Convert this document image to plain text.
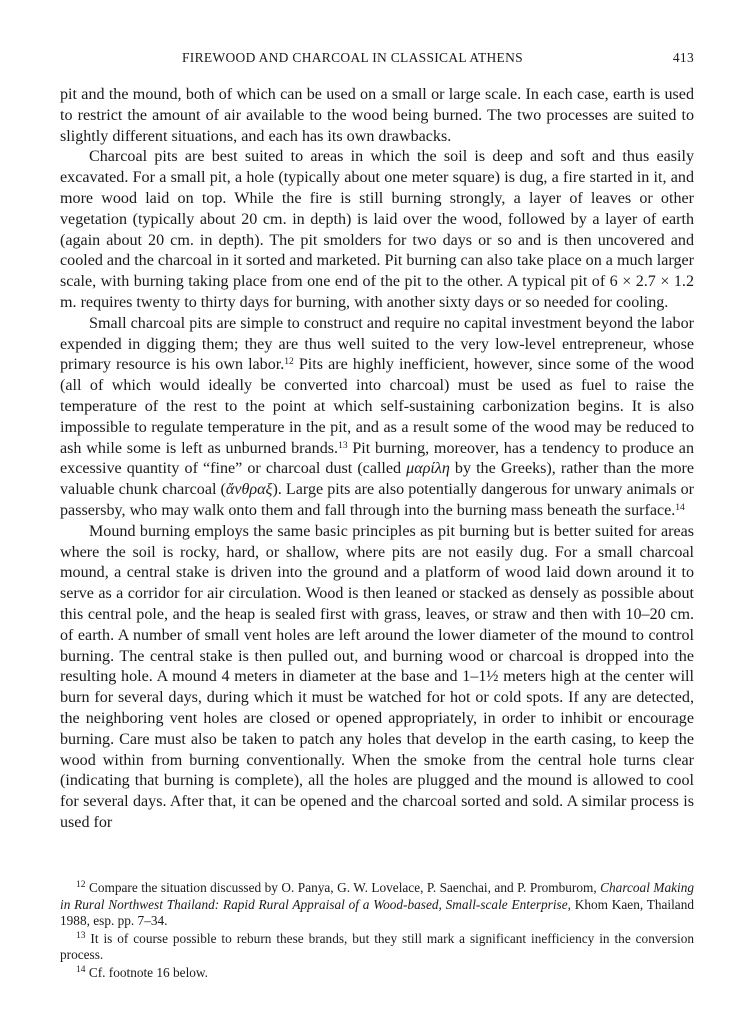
FIREWOOD AND CHARCOAL IN CLASSICAL ATHENS	413

pit and the mound, both of which can be used on a small or large scale. In each case, earth is used to restrict the amount of air available to the wood being burned. The two processes are suited to slightly different situations, and each has its own drawbacks.

Charcoal pits are best suited to areas in which the soil is deep and soft and thus easily excavated. For a small pit, a hole (typically about one meter square) is dug, a fire started in it, and more wood laid on top. While the fire is still burning strongly, a layer of leaves or other vegetation (typically about 20 cm. in depth) is laid over the wood, followed by a layer of earth (again about 20 cm. in depth). The pit smolders for two days or so and is then uncovered and cooled and the charcoal in it sorted and marketed. Pit burning can also take place on a much larger scale, with burning taking place from one end of the pit to the other. A typical pit of 6 × 2.7 × 1.2 m. requires twenty to thirty days for burning, with another sixty days or so needed for cooling.

Small charcoal pits are simple to construct and require no capital investment beyond the labor expended in digging them; they are thus well suited to the very low-level entrepreneur, whose primary resource is his own labor.$^{12}$ Pits are highly inefficient, however, since some of the wood (all of which would ideally be converted into charcoal) must be used as fuel to raise the temperature of the rest to the point at which self-sustaining carbonization begins. It is also impossible to regulate temperature in the pit, and as a result some of the wood may be reduced to ash while some is left as unburned brands.$^{13}$ Pit burning, moreover, has a tendency to produce an excessive quantity of “fine” or charcoal dust (called μαρίλη by the Greeks), rather than the more valuable chunk charcoal (ἄνθραξ). Large pits are also potentially dangerous for unwary animals or passersby, who may walk onto them and fall through into the burning mass beneath the surface.$^{14}$

Mound burning employs the same basic principles as pit burning but is better suited for areas where the soil is rocky, hard, or shallow, where pits are not easily dug. For a small charcoal mound, a central stake is driven into the ground and a platform of wood laid down around it to serve as a corridor for air circulation. Wood is then leaned or stacked as densely as possible about this central pole, and the heap is sealed first with grass, leaves, or straw and then with 10–20 cm. of earth. A number of small vent holes are left around the lower diameter of the mound to control burning. The central stake is then pulled out, and burning wood or charcoal is dropped into the resulting hole. A mound 4 meters in diameter at the base and 1–1½ meters high at the center will burn for several days, during which it must be watched for hot or cold spots. If any are detected, the neighboring vent holes are closed or opened appropriately, in order to inhibit or encourage burning. Care must also be taken to patch any holes that develop in the earth casing, to keep the wood within from burning conventionally. When the smoke from the central hole turns clear (indicating that burning is complete), all the holes are plugged and the mound is allowed to cool for several days. After that, it can be opened and the charcoal sorted and sold. A similar process is used for

$^{12}$ Compare the situation discussed by O. Panya, G. W. Lovelace, P. Saenchai, and P. Promburom, Charcoal Making in Rural Northwest Thailand: Rapid Rural Appraisal of a Wood-based, Small-scale Enterprise, Khom Kaen, Thailand 1988, esp. pp. 7–34.

$^{13}$ It is of course possible to reburn these brands, but they still mark a significant inefficiency in the conversion process.

$^{14}$ Cf. footnote 16 below.
